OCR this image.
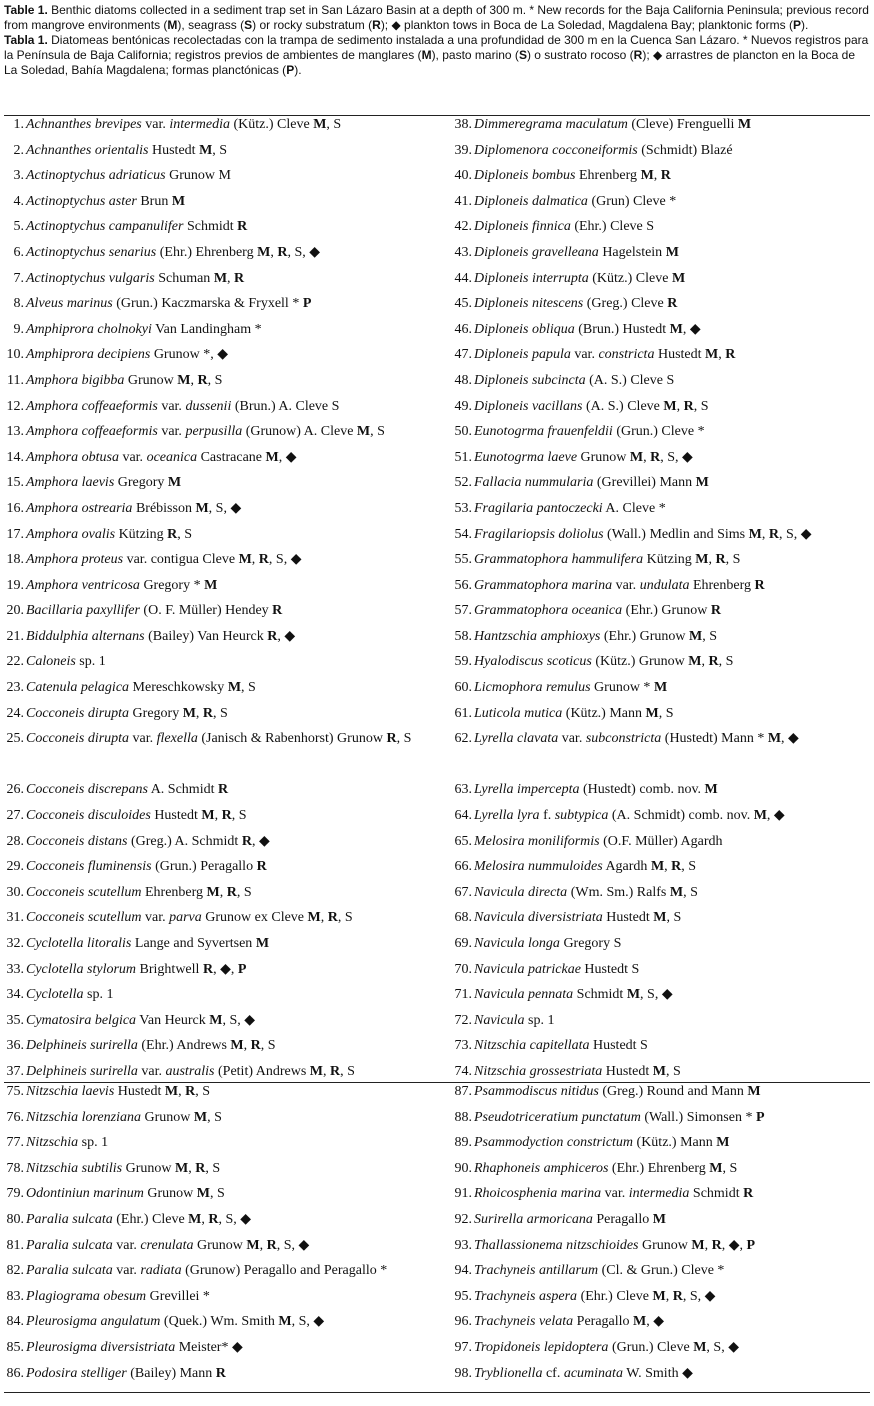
Table 1. Benthic diatoms collected in a sediment trap set in San Lázaro Basin at a depth of 300 m. * New records for the Baja California Peninsula; previous record from mangrove environments (M), seagrass (S) or rocky substratum (R); ◆ plankton tows in Boca de La Soledad, Magdalena Bay; planktonic forms (P).

Tabla 1. Diatomeas bentónicas recolectadas con la trampa de sedimento instalada a una profundidad de 300 m en la Cuenca San Lázaro. * Nuevos registros para la Península de Baja California; registros previos de ambientes de manglares (M), pasto marino (S) o sustrato rocoso (R); ◆ arrastres de plancton en la Boca de La Soledad, Bahía Magdalena; formas planctónicas (P).

1. Achnanthes brevipes var. intermedia (Kütz.) Cleve M, S
2. Achnanthes orientalis Hustedt M, S
3. Actinoptychus adriaticus Grunow M
4. Actinoptychus aster Brun M
5. Actinoptychus campanulifer Schmidt R
6. Actinoptychus senarius (Ehr.) Ehrenberg M, R, S, ◆
7. Actinoptychus vulgaris Schuman M, R
8. Alveus marinus (Grun.) Kaczmarska & Fryxell * P
9. Amphiprora cholnokyi Van Landingham *
10. Amphiprora decipiens Grunow *, ◆
11. Amphora bigibba Grunow M, R, S
12. Amphora coffeaeformis var. dussenii (Brun.) A. Cleve S
13. Amphora coffeaeformis var. perpusilla (Grunow) A. Cleve M, S
14. Amphora obtusa var. oceanica Castracane M, ◆
15. Amphora laevis Gregory M
16. Amphora ostrearia Brébisson M, S, ◆
17. Amphora ovalis Kützing R, S
18. Amphora proteus var. contigua Cleve M, R, S, ◆
19. Amphora ventricosa Gregory * M
20. Bacillaria paxyllifer (O. F. Müller) Hendey R
21. Biddulphia alternans (Bailey) Van Heurck R, ◆
22. Caloneis sp. 1
23. Catenula pelagica Mereschkowsky M, S
24. Cocconeis dirupta Gregory M, R, S
25. Cocconeis dirupta var. flexella (Janisch & Rabenhorst) Grunow R, S
26. Cocconeis discrepans A. Schmidt R
27. Cocconeis disculoides Hustedt M, R, S
28. Cocconeis distans (Greg.) A. Schmidt R, ◆
29. Cocconeis fluminensis (Grun.) Peragallo R
30. Cocconeis scutellum Ehrenberg M, R, S
31. Cocconeis scutellum var. parva Grunow ex Cleve M, R, S
32. Cyclotella litoralis Lange and Syvertsen M
33. Cyclotella stylorum Brightwell R, ◆, P
34. Cyclotella sp. 1
35. Cymatosira belgica Van Heurck M, S, ◆
36. Delphineis surirella (Ehr.) Andrews M, R, S
37. Delphineis surirella var. australis (Petit) Andrews M, R, S
38. Dimmeregrama maculatum (Cleve) Frenguelli M
39. Diplomenora cocconeiformis (Schmidt) Blazé
40. Diploneis bombus Ehrenberg M, R
41. Diploneis dalmatica (Grun) Cleve *
42. Diploneis finnica (Ehr.) Cleve S
43. Diploneis gravelleana Hagelstein M
44. Diploneis interrupta (Kütz.) Cleve M
45. Diploneis nitescens (Greg.) Cleve R
46. Diploneis obliqua (Brun.) Hustedt M, ◆
47. Diploneis papula var. constricta Hustedt M, R
48. Diploneis subcincta (A. S.) Cleve S
49. Diploneis vacillans (A. S.) Cleve M, R, S
50. Eunotogrma frauenfeldii (Grun.) Cleve *
51. Eunotogrma laeve Grunow M, R, S, ◆
52. Fallacia nummularia (Grevillei) Mann M
53. Fragilaria pantoczecki A. Cleve *
54. Fragilariopsis doliolus (Wall.) Medlin and Sims M, R, S, ◆
55. Grammatophora hammulifera Kützing M, R, S
56. Grammatophora marina var. undulata Ehrenberg R
57. Grammatophora oceanica (Ehr.) Grunow R
58. Hantzschia amphioxys (Ehr.) Grunow M, S
59. Hyalodiscus scoticus (Kütz.) Grunow M, R, S
60. Licmophora remulus Grunow * M
61. Luticola mutica (Kütz.) Mann M, S
62. Lyrella clavata var. subconstricta (Hustedt) Mann * M, ◆
63. Lyrella impercepta (Hustedt) comb. nov. M
64. Lyrella lyra f. subtypica (A. Schmidt) comb. nov. M, ◆
65. Melosira moniliformis (O.F. Müller) Agardh
66. Melosira nummuloides Agardh M, R, S
67. Navicula directa (Wm. Sm.) Ralfs M, S
68. Navicula diversistriata Hustedt M, S
69. Navicula longa Gregory S
70. Navicula patrickae Hustedt S
71. Navicula pennata Schmidt M, S, ◆
72. Navicula sp. 1
73. Nitzschia capitellata Hustedt S
74. Nitzschia grossestriata Hustedt M, S
75. Nitzschia laevis Hustedt M, R, S
76. Nitzschia lorenziana Grunow M, S
77. Nitzschia sp. 1
78. Nitzschia subtilis Grunow M, R, S
79. Odontiniun marinum Grunow M, S
80. Paralia sulcata (Ehr.) Cleve M, R, S, ◆
81. Paralia sulcata var. crenulata Grunow M, R, S, ◆
82. Paralia sulcata var. radiata (Grunow) Peragallo and Peragallo *
83. Plagiograma obesum Grevillei *
84. Pleurosigma angulatum (Quek.) Wm. Smith M, S, ◆
85. Pleurosigma diversistriata Meister* ◆
86. Podosira stelliger (Bailey) Mann R
87. Psammodiscus nitidus (Greg.) Round and Mann M
88. Pseudotriceratium punctatum (Wall.) Simonsen * P
89. Psammodyction constrictum (Kütz.) Mann M
90. Rhaphoneis amphiceros (Ehr.) Ehrenberg M, S
91. Rhoicosphenia marina var. intermedia Schmidt R
92. Surirella armoricana Peragallo M
93. Thallassionema nitzschioides Grunow M, R, ◆, P
94. Trachyneis antillarum (Cl. & Grun.) Cleve *
95. Trachyneis aspera (Ehr.) Cleve M, R, S, ◆
96. Trachyneis velata Peragallo M, ◆
97. Tropidoneis lepidoptera (Grun.) Cleve M, S, ◆
98. Tryblionella cf. acuminata W. Smith ◆
